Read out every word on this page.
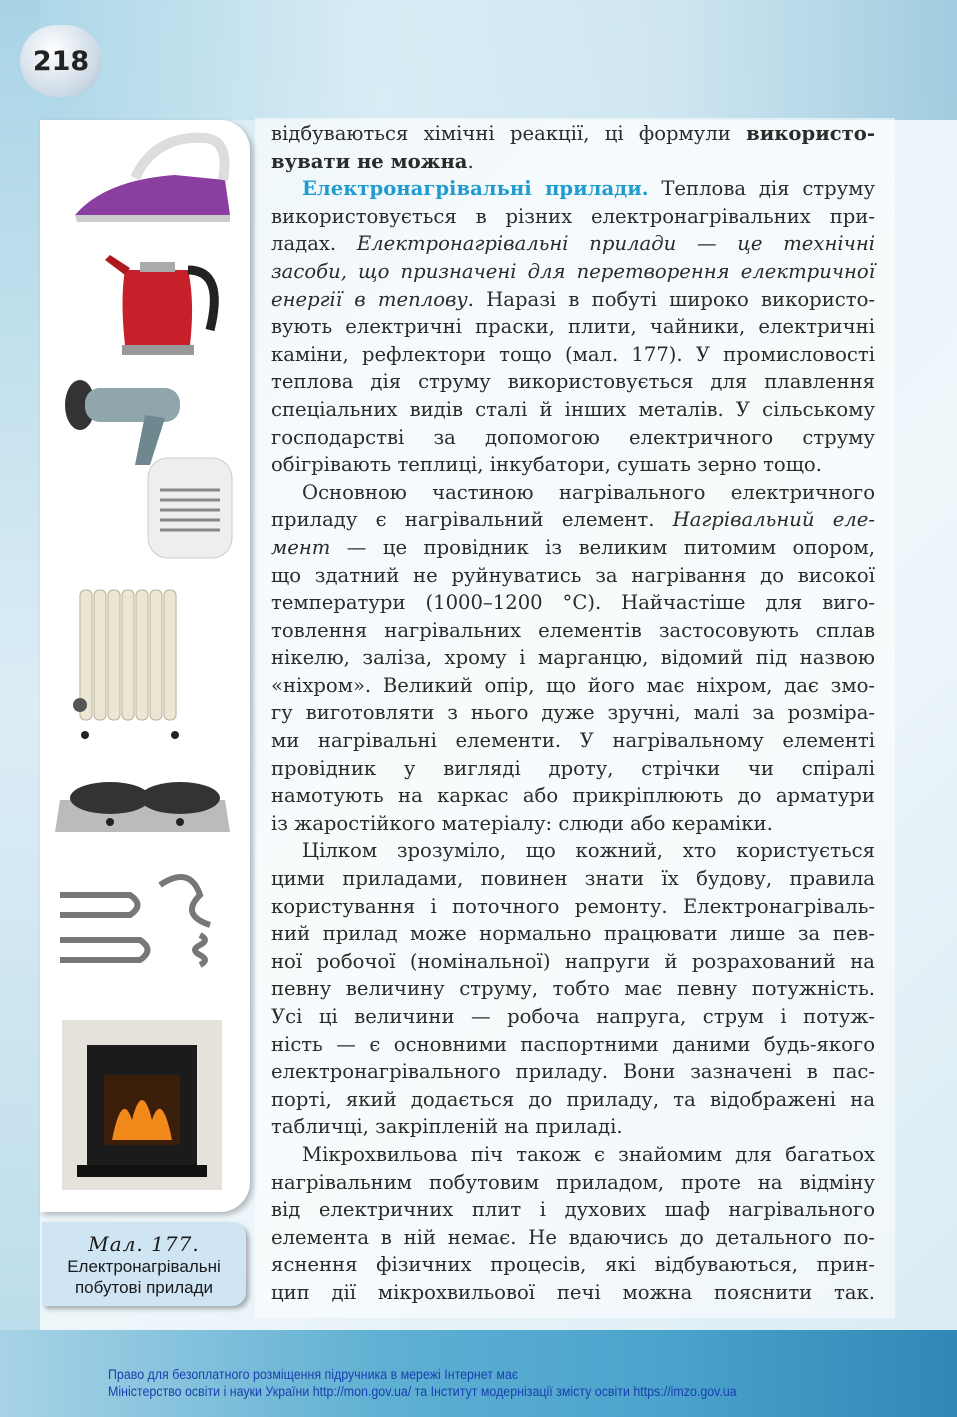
218
Мал. 177.
Електронагрівальні
побутові прилади
відбуваються хімічні реакції, ці формули використо-
вувати не можна.
Електронагрівальні прилади. Теплова дія струму
використовується в різних електронагрівальних при-
ладах. Електронагрівальні прилади — це технічні
засоби, що призначені для перетворення електричної
енергії в теплову. Наразі в побуті широко використо-
вують електричні праски, плити, чайники, електричні
каміни, рефлектори тощо (мал. 177). У промисловості
теплова дія струму використовується для плавлення
спеціальних видів сталі й інших металів. У сільському
господарстві за допомогою електричного струму
обігрівають теплиці, інкубатори, сушать зерно тощо.
Основною частиною нагрівального електричного
приладу є нагрівальний елемент. Нагрівальний еле-
мент — це провідник із великим питомим опором,
що здатний не руйнуватись за нагрівання до високої
температури (1000–1200 °С). Найчастіше для виго-
товлення нагрівальних елементів застосовують сплав
нікелю, заліза, хрому і марганцю, відомий під назвою
«ніхром». Великий опір, що його має ніхром, дає змо-
гу виготовляти з нього дуже зручні, малі за розміра-
ми нагрівальні елементи. У нагрівальному елементі
провідник у вигляді дроту, стрічки чи спіралі
намотують на каркас або прикріплюють до арматури
із жаростійкого матеріалу: слюди або кераміки.
Цілком зрозуміло, що кожний, хто користується
цими приладами, повинен знати їх будову, правила
користування і поточного ремонту. Електронагріваль-
ний прилад може нормально працювати лише за пев-
ної робочої (номінальної) напруги й розрахований на
певну величину струму, тобто має певну потужність.
Усі ці величини — робоча напруга, струм і потуж-
ність — є основними паспортними даними будь-якого
електронагрівального приладу. Вони зазначені в пас-
порті, який додається до приладу, та відображені на
табличці, закріпленій на приладі.
Мікрохвильова піч також є знайомим для багатьох
нагрівальним побутовим приладом, проте на відміну
від електричних плит і духових шаф нагрівального
елемента в ній немає. Не вдаючись до детального по-
яснення фізичних процесів, які відбуваються, прин-
цип дії мікрохвильової печі можна пояснити так.
Право для безоплатного розміщення підручника в мережі Інтернет має
Міністерство освіти і науки України http://mon.gov.ua/ та Інститут модернізації змісту освіти https://imzo.gov.ua
